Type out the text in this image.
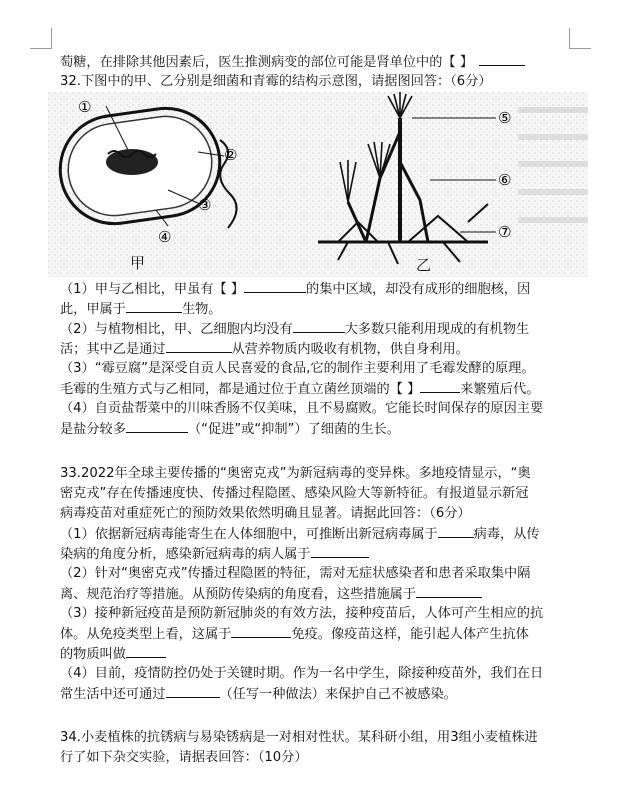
萄糖，在排除其他因素后，医生推测病变的部位可能是肾单位中的【 】
32.下图中的甲、乙分别是细菌和青霉的结构示意图，请据图回答：（6分）
①
②
③
④
⑤
⑥
⑦
甲	乙
（1）甲与乙相比，甲虽有【 】	的集中区域，却没有成形的细胞核，因
此，甲属于	生物。
（2）与植物相比，甲、乙细胞内均没有	大多数只能利用现成的有机物生
活；其中乙是通过	从营养物质内吸收有机物，供自身利用。
（3）“霉豆腐”是深受自贡人民喜爱的食品,它的制作主要利用了毛霉发酵的原理。
毛霉的生殖方式与乙相同，都是通过位于直立菌丝顶端的【 】	来繁殖后代。
（4）自贡盐帮菜中的川味香肠不仅美味，且不易腐败。它能长时间保存的原因主要
是盐分较多	（“促进”或“抑制”）了细菌的生长。
33.2022年全球主要传播的“奥密克戎”为新冠病毒的变异株。多地疫情显示，“奥
密克戎”存在传播速度快、传播过程隐匿、感染风险大等新特征。有报道显示新冠
病毒疫苗对重症死亡的预防效果依然明确且显著。请据此回答：（6分）
（1）依据新冠病毒能寄生在人体细胞中，可推断出新冠病毒属于	病毒，从传
染病的角度分析，感染新冠病毒的病人属于
（2）针对“奥密克戎”传播过程隐匿的特征，需对无症状感染者和患者采取集中隔
离、规范治疗等措施。从预防传染病的角度看，这些措施属于
（3）接种新冠疫苗是预防新冠肺炎的有效方法，接种疫苗后，人体可产生相应的抗
体。从免疫类型上看，这属于	免疫。像疫苗这样，能引起人体产生抗体
的物质叫做
（4）目前，疫情防控仍处于关键时期。作为一名中学生，除接种疫苗外，我们在日
常生活中还可通过	（任写一种做法）来保护自己不被感染。
34.小麦植株的抗锈病与易染锈病是一对相对性状。某科研小组，用3组小麦植株进
行了如下杂交实验，请据表回答：（10分）
